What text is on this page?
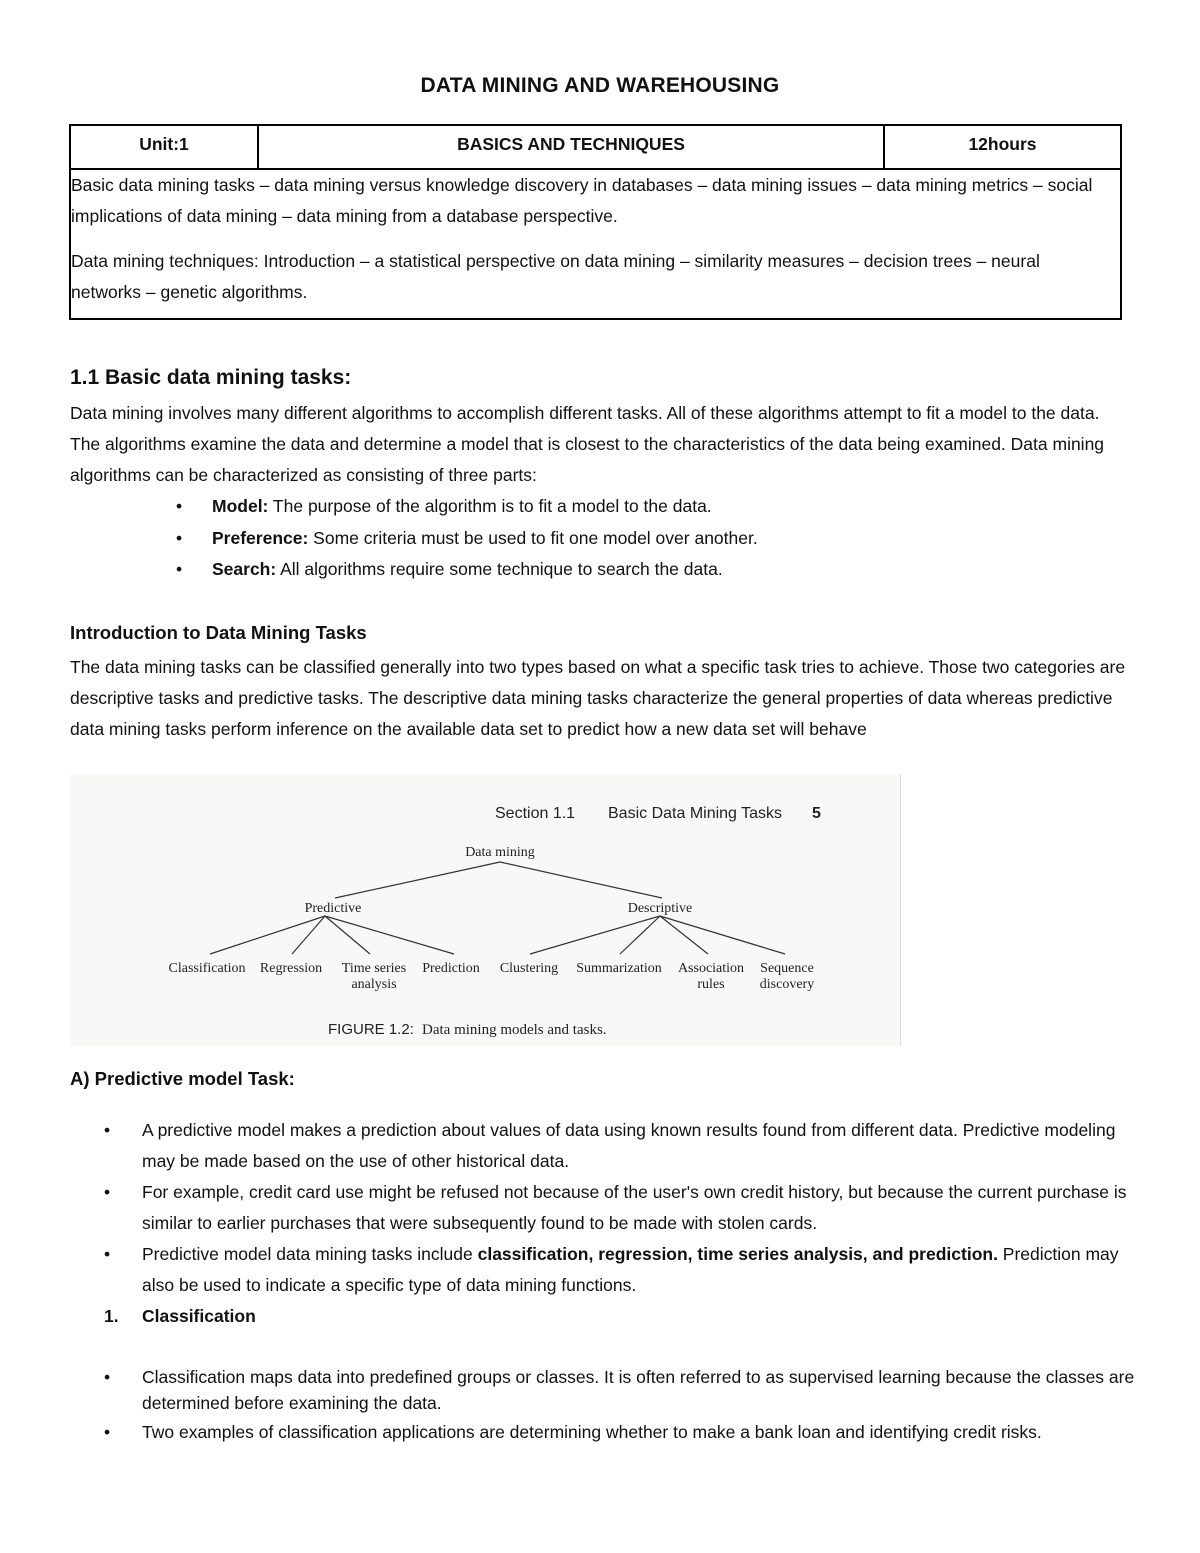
DATA MINING AND WAREHOUSING
Unit:1	BASICS AND TECHNIQUES	12hours

Basic data mining tasks – data mining versus knowledge discovery in databases – data mining issues – data mining metrics – social implications of data mining – data mining from a database perspective.

Data mining techniques: Introduction – a statistical perspective on data mining – similarity measures – decision trees – neural networks – genetic algorithms.

1.1 Basic data mining tasks:
Data mining involves many different algorithms to accomplish different tasks. All of these algorithms attempt to fit a model to the data. The algorithms examine the data and determine a model that is closest to the characteristics of the data being examined. Data mining algorithms can be characterized as consisting of three parts:
• Model: The purpose of the algorithm is to fit a model to the data.
• Preference: Some criteria must be used to fit one model over another.
• Search: All algorithms require some technique to search the data.
Introduction to Data Mining Tasks
The data mining tasks can be classified generally into two types based on what a specific task tries to achieve. Those two categories are descriptive tasks and predictive tasks. The descriptive data mining tasks characterize the general properties of data whereas predictive data mining tasks perform inference on the available data set to predict how a new data set will behave
Section 1.1 Basic Data Mining Tasks 5
Data mining
Predictive	Descriptive
Classification Regression Time series
analysis
Prediction Clustering Summarization Association
rules
Sequence
discovery
FIGURE 1.2: Data mining models and tasks.
A) Predictive model Task:
• A predictive model makes a prediction about values of data using known results found from different data. Predictive modeling may be made based on the use of other historical data.
• For example, credit card use might be refused not because of the user's own credit history, but because the current purchase is similar to earlier purchases that were subsequently found to be made with stolen cards.
• Predictive model data mining tasks include classification, regression, time series analysis, and prediction. Prediction may also be used to indicate a specific type of data mining functions.
1. Classification
• Classification maps data into predefined groups or classes. It is often referred to as supervised learning because the classes are determined before examining the data.
• Two examples of classification applications are determining whether to make a bank loan and identifying credit risks.
